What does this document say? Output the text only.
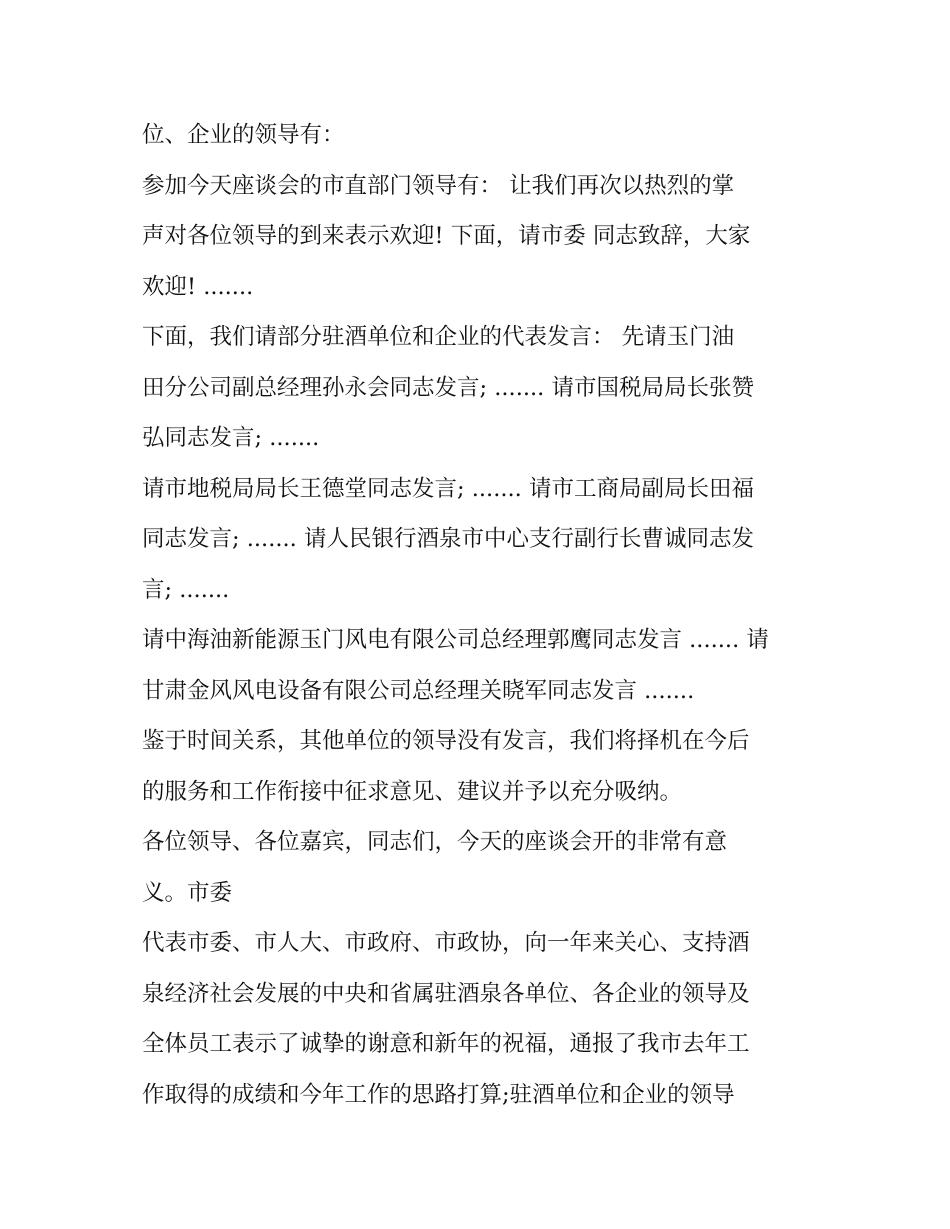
位、企业的领导有：
参加今天座谈会的市直部门领导有： 让我们再次以热烈的掌
声对各位领导的到来表示欢迎! 下面，请市委 同志致辞，大家
欢迎! .......
下面，我们请部分驻酒单位和企业的代表发言： 先请玉门油
田分公司副总经理孙永会同志发言; ....... 请市国税局局长张赞
弘同志发言; .......
请市地税局局长王德堂同志发言; ....... 请市工商局副局长田福
同志发言; ....... 请人民银行酒泉市中心支行副行长曹诚同志发
言; .......
请中海油新能源玉门风电有限公司总经理郭鹰同志发言 ....... 请
甘肃金风风电设备有限公司总经理关晓军同志发言 .......
鉴于时间关系，其他单位的领导没有发言，我们将择机在今后
的服务和工作衔接中征求意见、建议并予以充分吸纳。
各位领导、各位嘉宾，同志们，今天的座谈会开的非常有意
义。市委
代表市委、市人大、市政府、市政协，向一年来关心、支持酒
泉经济社会发展的中央和省属驻酒泉各单位、各企业的领导及
全体员工表示了诚挚的谢意和新年的祝福，通报了我市去年工
作取得的成绩和今年工作的思路打算;驻酒单位和企业的领导
